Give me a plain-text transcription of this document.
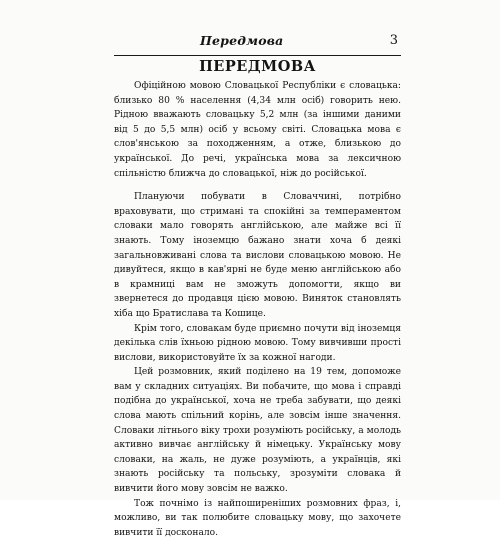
Передмова	3
ПЕРЕДМОВА

Офіційною мовою Словацької Республіки є словацька: близько 80 % населення (4,34 млн осіб) говорить нею. Рідною вважають словацьку 5,2 млн (за іншими даними від 5 до 5,5 млн) осіб у всьому світі. Словацька мова є слов'янською за походженням, а отже, близькою до української. До речі, українська мова за лексичною спільністю ближча до словацької, ніж до російської.

Плануючи побувати в Словаччині, потрібно враховувати, що стримані та спокійні за темпераментом словаки мало говорять англійською, але майже всі її знають. Тому іноземцю бажано знати хоча б деякі загальновживані слова та вислови словацькою мовою. Не дивуйтеся, якщо в кав'ярні не буде меню англійською або в крамниці вам не зможуть допомогти, якщо ви звернетеся до продавця цією мовою. Виняток становлять хіба що Братислава та Кошице.

Крім того, словакам буде приємно почути від іноземця декілька слів їхньою рідною мовою. Тому вивчивши прості вислови, використовуйте їх за кожної нагоди.

Цей розмовник, який поділено на 19 тем, допоможе вам у складних ситуаціях. Ви побачите, що мова і справді подібна до української, хоча не треба забувати, що деякі слова мають спільний корінь, але зовсім інше значення. Словаки літнього віку трохи розуміють російську, а молодь активно вивчає англійську й німецьку. Українську мову словаки, на жаль, не дуже розуміють, а українців, які знають російську та польську, зрозуміти словака й вивчити його мову зовсім не важко.

Тож почнімо із найпоширеніших розмовних фраз, і, можливо, ви так полюбите словацьку мову, що захочете вивчити її досконало.
